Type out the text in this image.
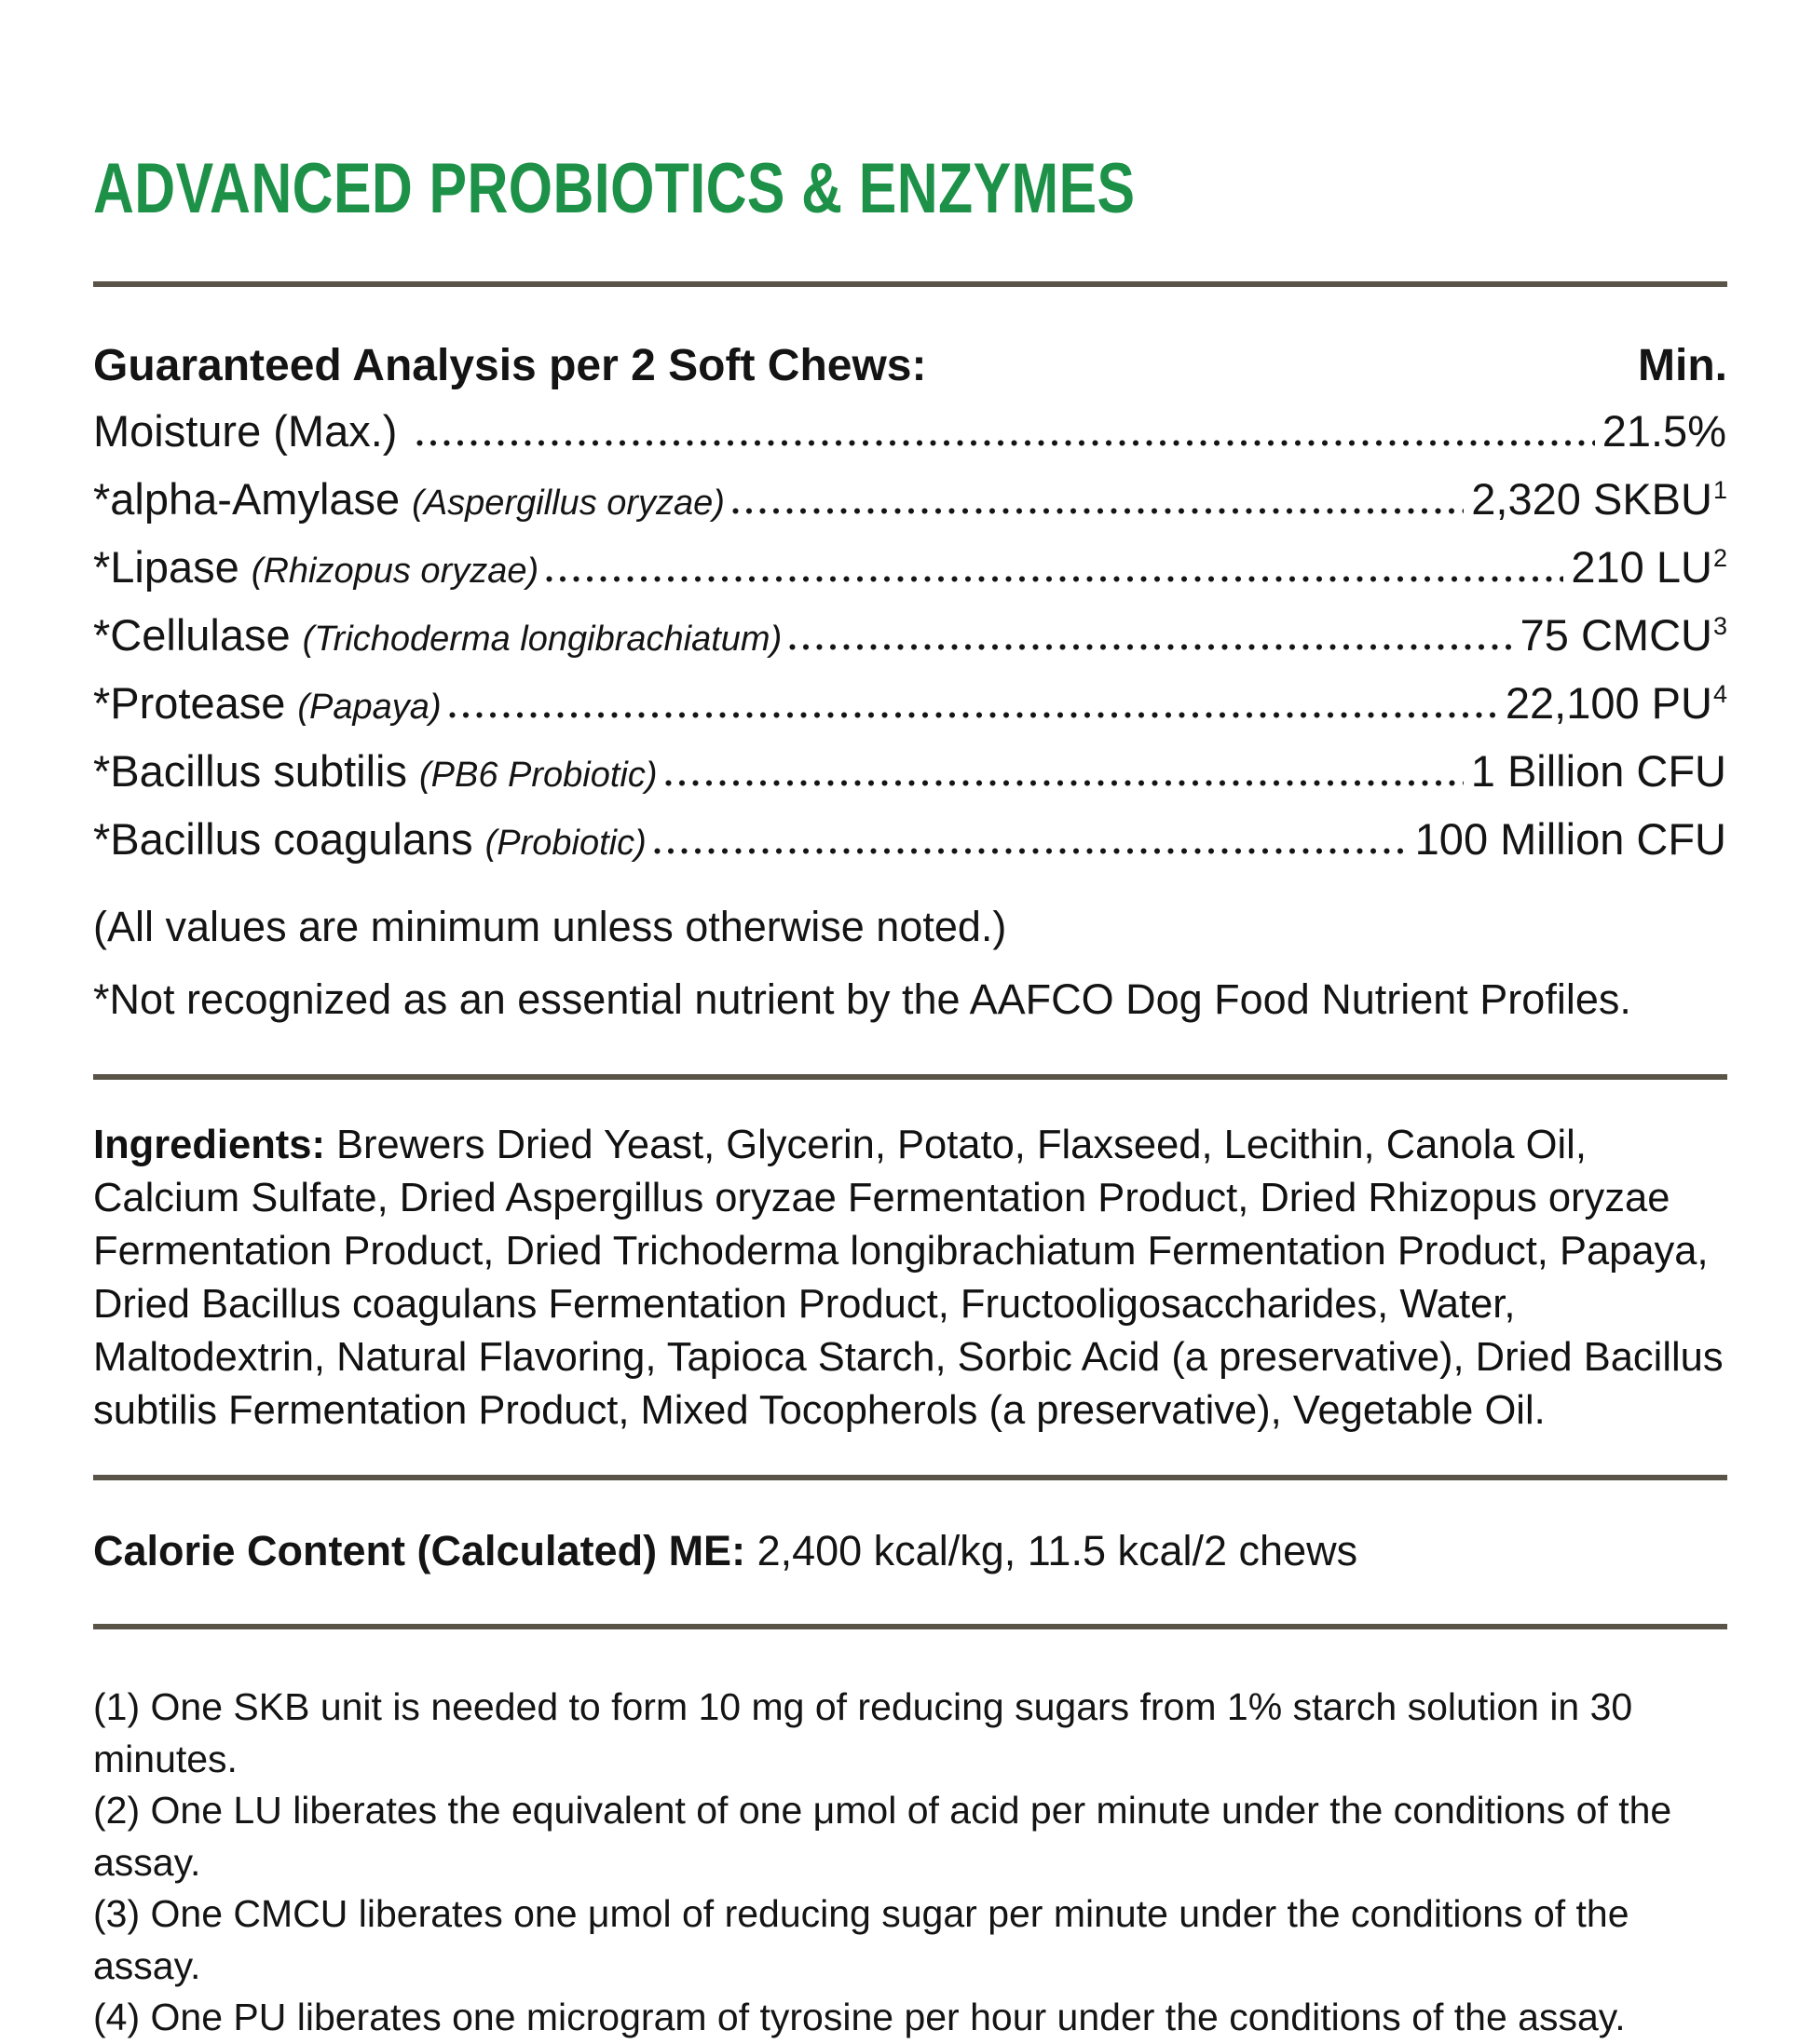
ADVANCED PROBIOTICS & ENZYMES
Guaranteed Analysis per 2 Soft Chews:	Min.
Moisture (Max.)	21.5%
*alpha-Amylase (Aspergillus oryzae)	2,320 SKBU$^1$
*Lipase (Rhizopus oryzae)	210 $LU^2$
*Cellulase (Trichoderma longibrachiatum)	75 CMCU$^3$
*Protease (Papaya)	22,100 $PU^4$
*Bacillus subtilis (PB6 Probiotic)	1 Billion CFU
*Bacillus coagulans (Probiotic)	100 Million CFU
(All values are minimum unless otherwise noted.)
*Not recognized as an essential nutrient by the AAFCO Dog Food Nutrient Profiles.

Ingredients: Brewers Dried Yeast, Glycerin, Potato, Flaxseed, Lecithin, Canola Oil, Calcium Sulfate, Dried Aspergillus oryzae Fermentation Product, Dried Rhizopus oryzae Fermentation Product, Dried Trichoderma longibrachiatum Fermentation Product, Papaya, Dried Bacillus coagulans Fermentation Product, Fructooligosaccharides, Water, Maltodextrin, Natural Flavoring, Tapioca Starch, Sorbic Acid (a preservative), Dried Bacillus subtilis Fermentation Product, Mixed Tocopherols (a preservative), Vegetable Oil.

Calorie Content (Calculated) ME: 2,400 kcal/kg, 11.5 kcal/2 chews

(1) One SKB unit is needed to form 10 mg of reducing sugars from 1% starch solution in 30 minutes.
(2) One LU liberates the equivalent of one μmol of acid per minute under the conditions of the assay.
(3) One CMCU liberates one μmol of reducing sugar per minute under the conditions of the assay.
(4) One PU liberates one microgram of tyrosine per hour under the conditions of the assay.
